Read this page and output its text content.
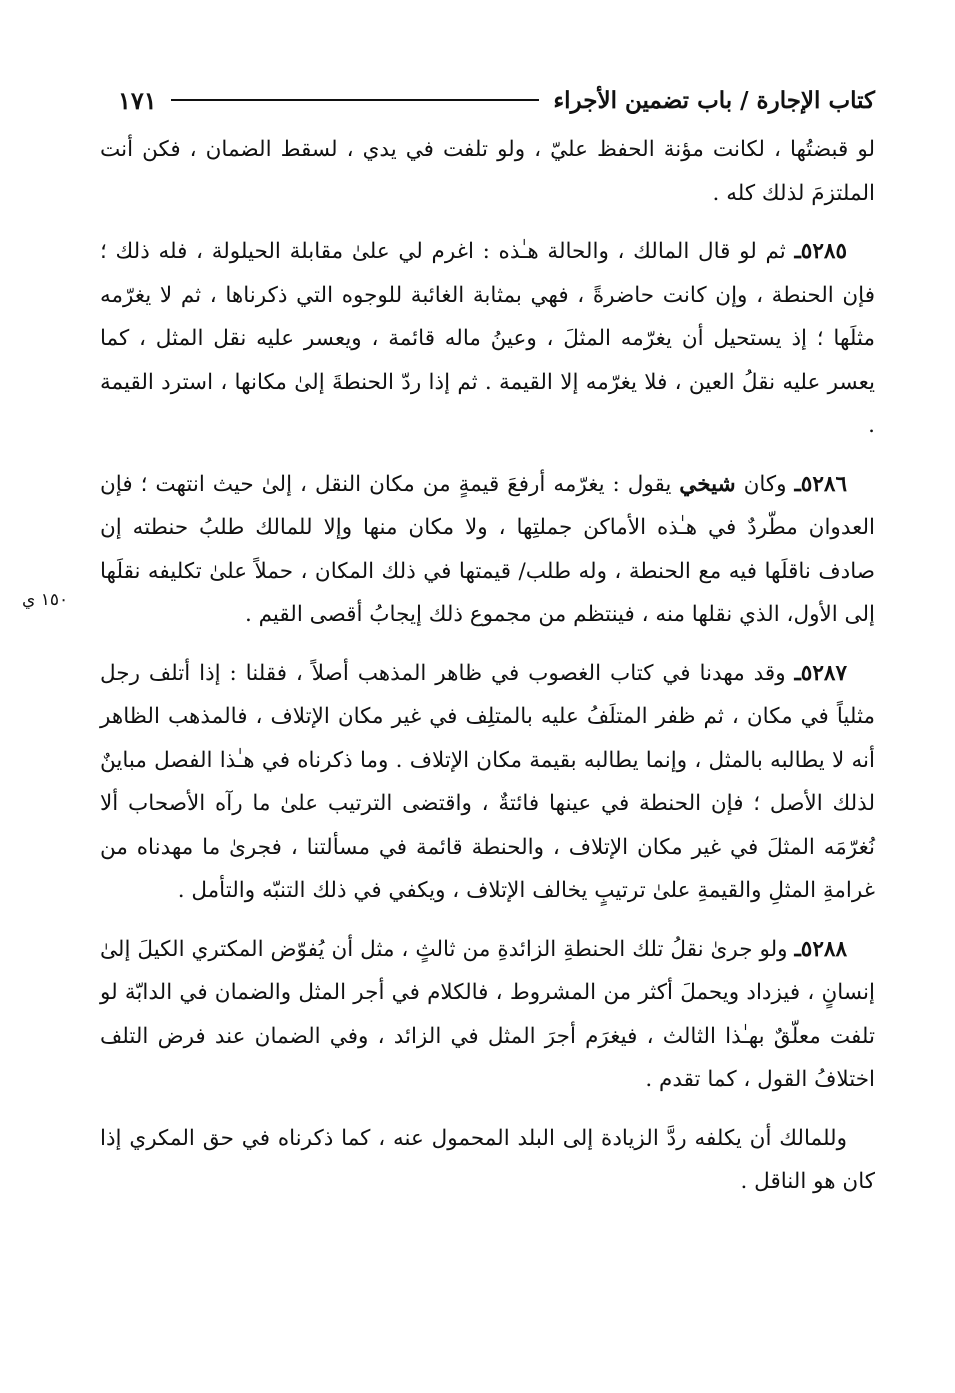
كتاب الإجارة / باب تضمين الأجراء
١٧١
١٥٠ ي

لو قبضتُها ، لكانت مؤنة الحفظ عليّ ، ولو تلفت في يدي ، لسقط الضمان ، فكن أنت الملتزمَ لذلك كله .

٥٢٨٥ـ ثم لو قال المالك ، والحالة هـٰذه : اغرم لي علىٰ مقابلة الحيلولة ، فله ذلك ؛ فإن الحنطة ، وإن كانت حاضرةً ، فهي بمثابة الغائبة للوجوه التي ذكرناها ، ثم لا يغرّمه مثلَها ؛ إذ يستحيل أن يغرّمه المثلَ ، وعينُ ماله قائمة ، ويعسر عليه نقل المثل ، كما يعسر عليه نقلُ العين ، فلا يغرّمه إلا القيمة . ثم إذا ردّ الحنطةَ إلىٰ مكانها ، استرد القيمة .

٥٢٨٦ـ وكان شيخي يقول : يغرّمه أرفعَ قيمةٍ من مكان النقل ، إلىٰ حيث انتهت ؛ فإن العدوان مطّردٌ في هـٰذه الأماكن جملتِها ، ولا مكان منها وإلا للمالك طلبُ حنطته إن صادف ناقلَها فيه مع الحنطة ، وله طلب/ قيمتها في ذلك المكان ، حملاً علىٰ تكليفه نقلَها إلى الأول، الذي نقلها منه ، فينتظم من مجموع ذلك إيجابُ أقصى القيم .

٥٢٨٧ـ وقد مهدنا في كتاب الغصوب في ظاهر المذهب أصلاً ، فقلنا : إذا أتلف رجل مثلياً في مكان ، ثم ظفر المتلَفُ عليه بالمتلِف في غير مكان الإتلاف ، فالمذهب الظاهر أنه لا يطالبه بالمثل ، وإنما يطالبه بقيمة مكان الإتلاف . وما ذكرناه في هـٰذا الفصل مباينٌ لذلك الأصل ؛ فإن الحنطة في عينها فائتةٌ ، واقتضى الترتيب علىٰ ما رآه الأصحاب ألا نُغرّمَه المثلَ في غير مكان الإتلاف ، والحنطة قائمة في مسألتنا ، فجرىٰ ما مهدناه من غرامةِ المثلِ والقيمةِ علىٰ ترتيبٍ يخالف الإتلاف ، ويكفي في ذلك التنبّه والتأمل .

٥٢٨٨ـ ولو جرىٰ نقلُ تلك الحنطةِ الزائدةِ من ثالثٍ ، مثل أن يُفوّض المكتري الكيلَ إلىٰ إنسانٍ ، فيزداد ويحملَ أكثر من المشروط ، فالكلام في أجر المثل والضمان في الدابّة لو تلفت معلّقٌ بهـٰذا الثالث ، فيغرَم أجرَ المثل في الزائد ، وفي الضمان عند فرض التلف اختلافُ القول ، كما تقدم .

وللمالك أن يكلفه ردَّ الزيادة إلى البلد المحمول عنه ، كما ذكرناه في حق المكري إذا كان هو الناقل .
